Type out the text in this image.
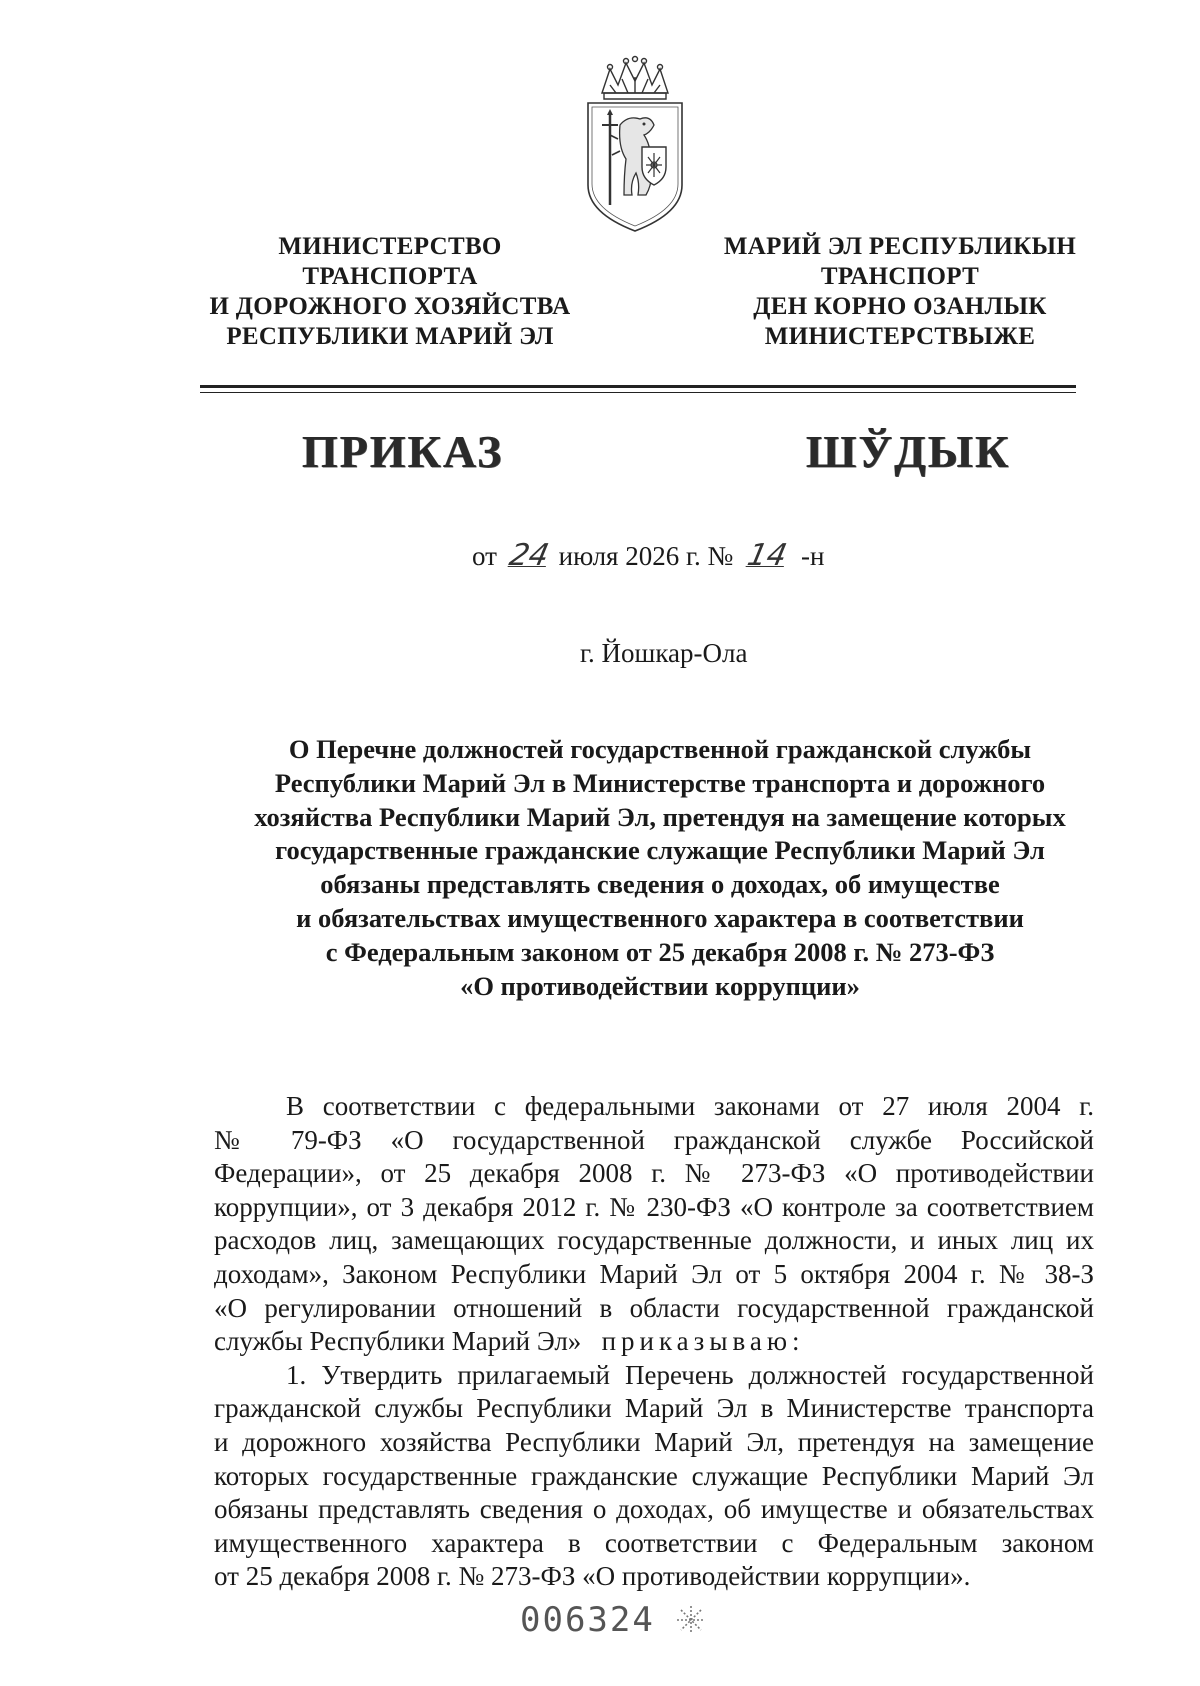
МИНИСТЕРСТВО
ТРАНСПОРТА
И ДОРОЖНОГО ХОЗЯЙСТВА
РЕСПУБЛИКИ МАРИЙ ЭЛ
МАРИЙ ЭЛ РЕСПУБЛИКЫН
ТРАНСПОРТ
ДЕН КОРНО ОЗАНЛЫК
МИНИСТЕРСТВЫЖЕ
ПРИКАЗ	ШЎДЫК
от 24 июля 2026 г. № 14 -н
г. Йошкар-Ола
О Перечне должностей государственной гражданской службы
Республики Марий Эл в Министерстве транспорта и дорожного
хозяйства Республики Марий Эл, претендуя на замещение которых
государственные гражданские служащие Республики Марий Эл
обязаны представлять сведения о доходах, об имуществе
и обязательствах имущественного характера в соответствии
с Федеральным законом от 25 декабря 2008 г. № 273-ФЗ
«О противодействии коррупции»
В соответствии с федеральными законами от 27 июля 2004 г.
№ 79-ФЗ «О государственной гражданской службе Российской
Федерации», от 25 декабря 2008 г. № 273-ФЗ «О противодействии
коррупции», от 3 декабря 2012 г. № 230-ФЗ «О контроле за соответствием
расходов лиц, замещающих государственные должности, и иных лиц их
доходам», Законом Республики Марий Эл от 5 октября 2004 г. № 38-З
«О регулировании отношений в области государственной гражданской
службы Республики Марий Эл» приказываю:
1. Утвердить прилагаемый Перечень должностей государственной
гражданской службы Республики Марий Эл в Министерстве транспорта
и дорожного хозяйства Республики Марий Эл, претендуя на замещение
которых государственные гражданские служащие Республики Марий Эл
обязаны представлять сведения о доходах, об имуществе и обязательствах
имущественного характера в соответствии с Федеральным законом
от 25 декабря 2008 г. № 273-ФЗ «О противодействии коррупции».
006324
